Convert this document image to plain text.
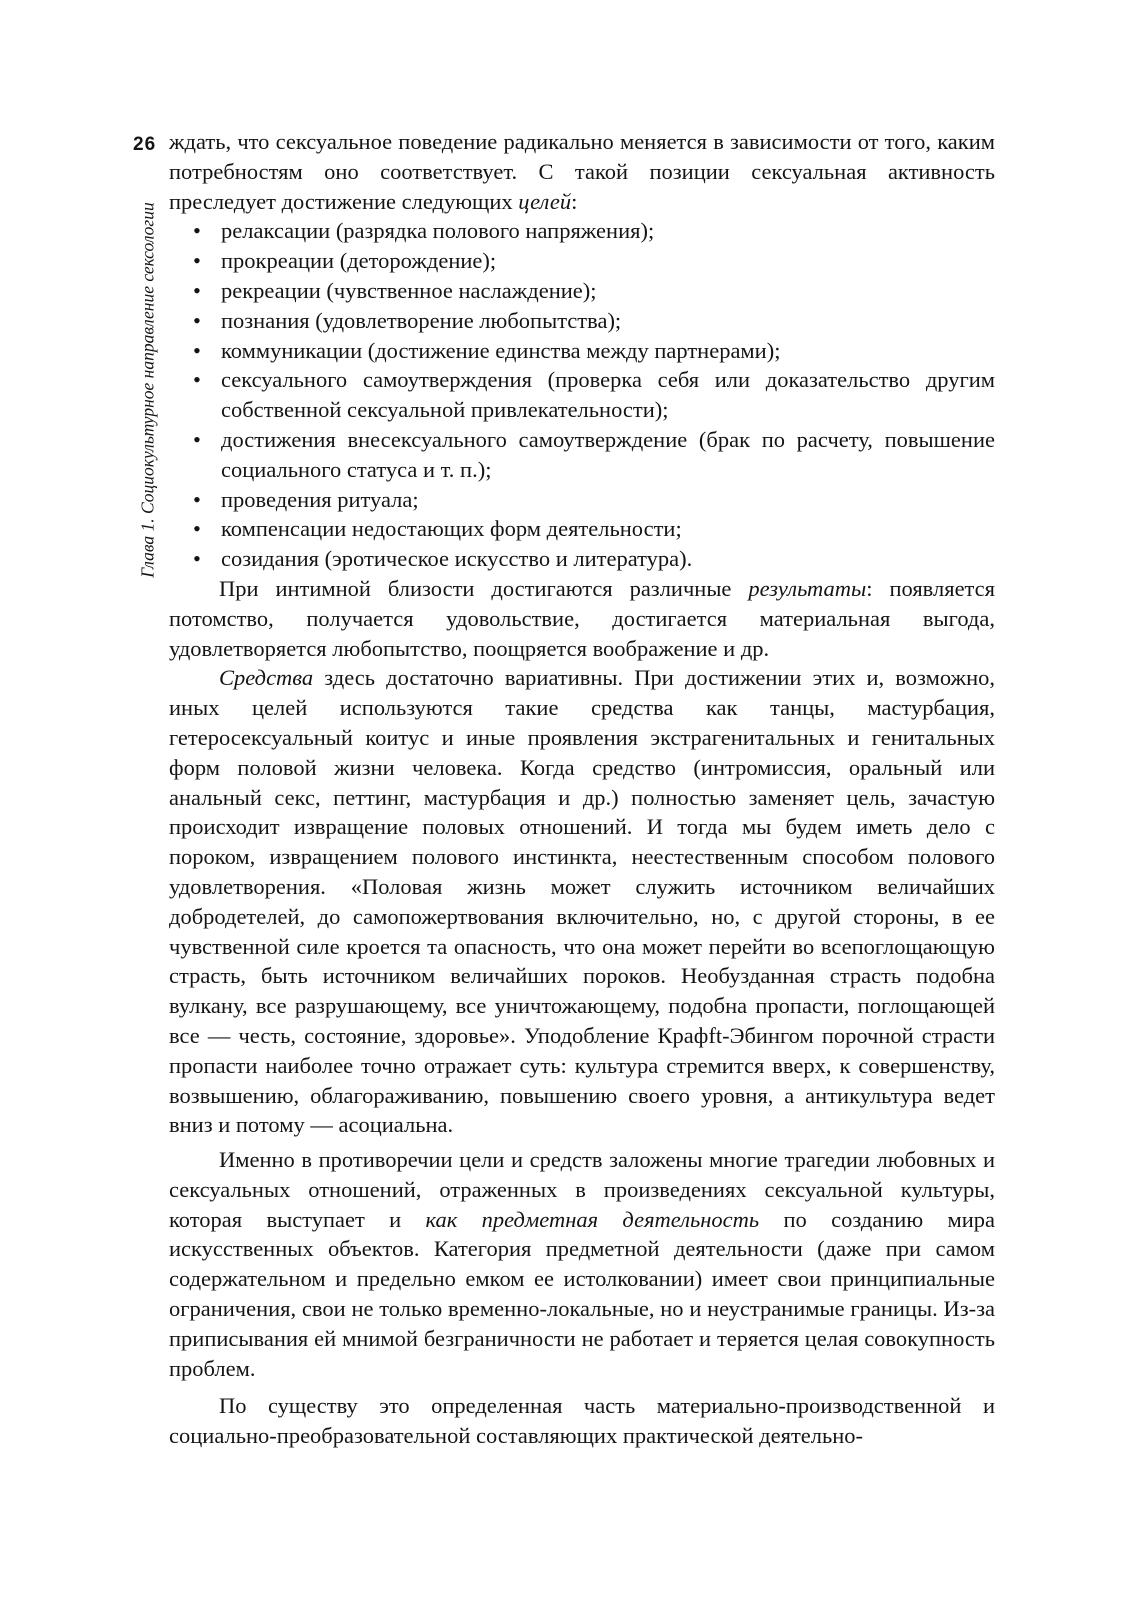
26
Глава 1. Социокультурное направление сексологии

ждать, что сексуальное поведение радикально меняется в зависимости от того, каким потребностям оно соответствует. С такой позиции сексуальная активность преследует достижение следующих целей:

• релаксации (разрядка полового напряжения);
• прокреации (деторождение);
• рекреации (чувственное наслаждение);
• познания (удовлетворение любопытства);
• коммуникации (достижение единства между партнерами);
• сексуального самоутверждения (проверка себя или доказательство другим собственной сексуальной привлекательности);
• достижения внесексуального самоутверждение (брак по расчету, повышение социального статуса и т. п.);
• проведения ритуала;
• компенсации недостающих форм деятельности;
• созидания (эротическое искусство и литература).

При интимной близости достигаются различные результаты: появляется потомство, получается удовольствие, достигается материальная выгода, удовлетворяется любопытство, поощряется воображение и др.

Средства здесь достаточно вариативны. При достижении этих и, возможно, иных целей используются такие средства как танцы, мастурбация, гетеросексуальный коитус и иные проявления экстрагенитальных и генитальных форм половой жизни человека. Когда средство (интромиссия, оральный или анальный секс, петтинг, мастурбация и др.) полностью заменяет цель, зачастую происходит извращение половых отношений. И тогда мы будем иметь дело с пороком, извращением полового инстинкта, неестественным способом полового удовлетворения. «Половая жизнь может служить источником величайших добродетелей, до самопожертвования включительно, но, с другой стороны, в ее чувственной силе кроется та опасность, что она может перейти во всепоглощающую страсть, быть источником величайших пороков. Необузданная страсть подобна вулкану, все разрушающему, все уничтожающему, подобна пропасти, поглощающей все — честь, состояние, здоровье». Уподобление Крафft-Эбингом порочной страсти пропасти наиболее точно отражает суть: культура стремится вверх, к совершенству, возвышению, облагораживанию, повышению своего уровня, а антикультура ведет вниз и потому — асоциальна.

Именно в противоречии цели и средств заложены многие трагедии любовных и сексуальных отношений, отраженных в произведениях сексуальной культуры, которая выступает и как предметная деятельность по созданию мира искусственных объектов. Категория предметной деятельности (даже при самом содержательном и предельно емком ее истолковании) имеет свои принципиальные ограничения, свои не только временно-локальные, но и неустранимые границы. Из-за приписывания ей мнимой безграничности не работает и теряется целая совокупность проблем.

По существу это определенная часть материально-производственной и социально-преобразовательной составляющих практической деятельно-
